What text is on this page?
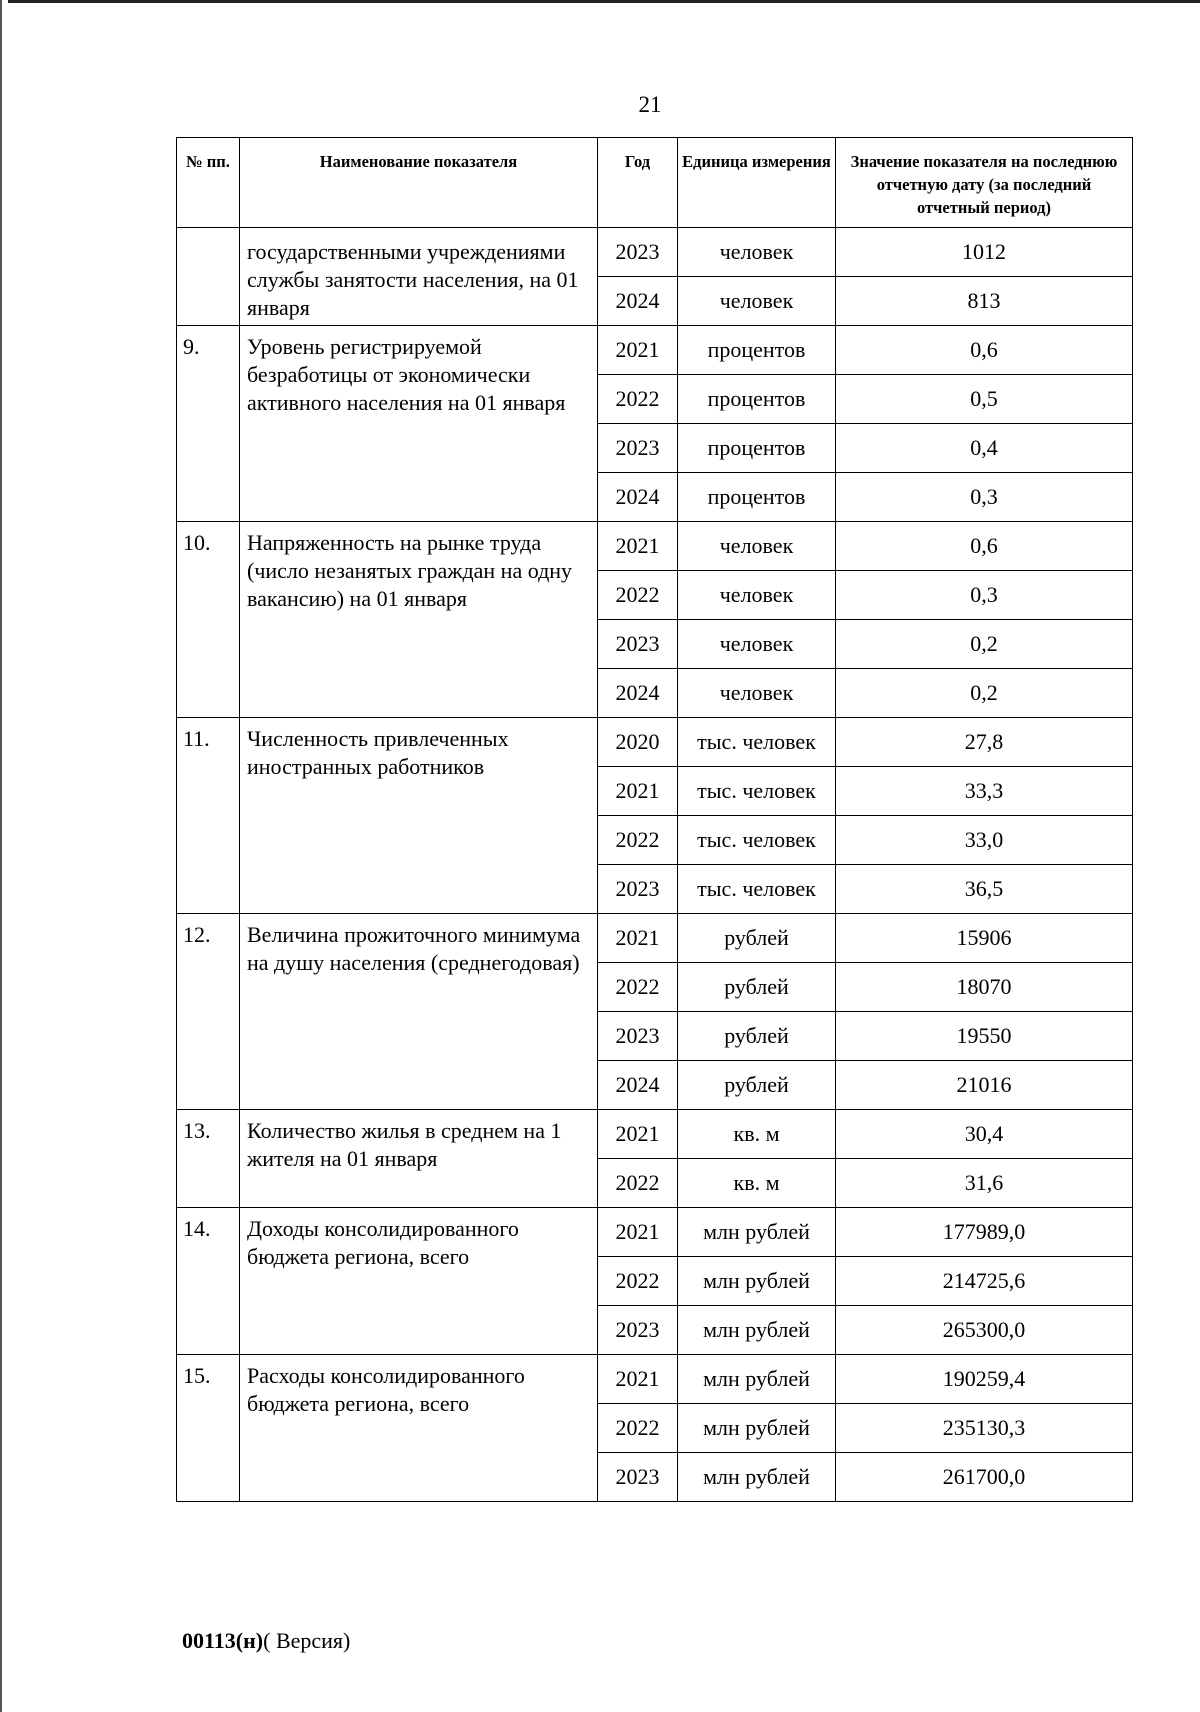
21
№ пп.	Наименование показателя	Год	Единица измерения	Значение показателя на последнюю отчетную дату (за последний отчетный период)
	государственными учреждениями службы занятости населения, на 01 января	2023	человек	1012
		2024	человек	813
9.	Уровень регистрируемой безработицы от экономически активного населения на 01 января	2021	процентов	0,6
		2022	процентов	0,5
		2023	процентов	0,4
		2024	процентов	0,3
10.	Напряженность на рынке труда (число незанятых граждан на одну вакансию) на 01 января	2021	человек	0,6
		2022	человек	0,3
		2023	человек	0,2
		2024	человек	0,2
11.	Численность привлеченных иностранных работников	2020	тыс. человек	27,8
		2021	тыс. человек	33,3
		2022	тыс. человек	33,0
		2023	тыс. человек	36,5
12.	Величина прожиточного минимума на душу населения (среднегодовая)	2021	рублей	15906
		2022	рублей	18070
		2023	рублей	19550
		2024	рублей	21016
13.	Количество жилья в среднем на 1 жителя на 01 января	2021	кв. м	30,4
		2022	кв. м	31,6
14.	Доходы консолидированного бюджета региона, всего	2021	млн рублей	177989,0
		2022	млн рублей	214725,6
		2023	млн рублей	265300,0
15.	Расходы консолидированного бюджета региона, всего	2021	млн рублей	190259,4
		2022	млн рублей	235130,3
		2023	млн рублей	261700,0
00113(н)( Версия)
